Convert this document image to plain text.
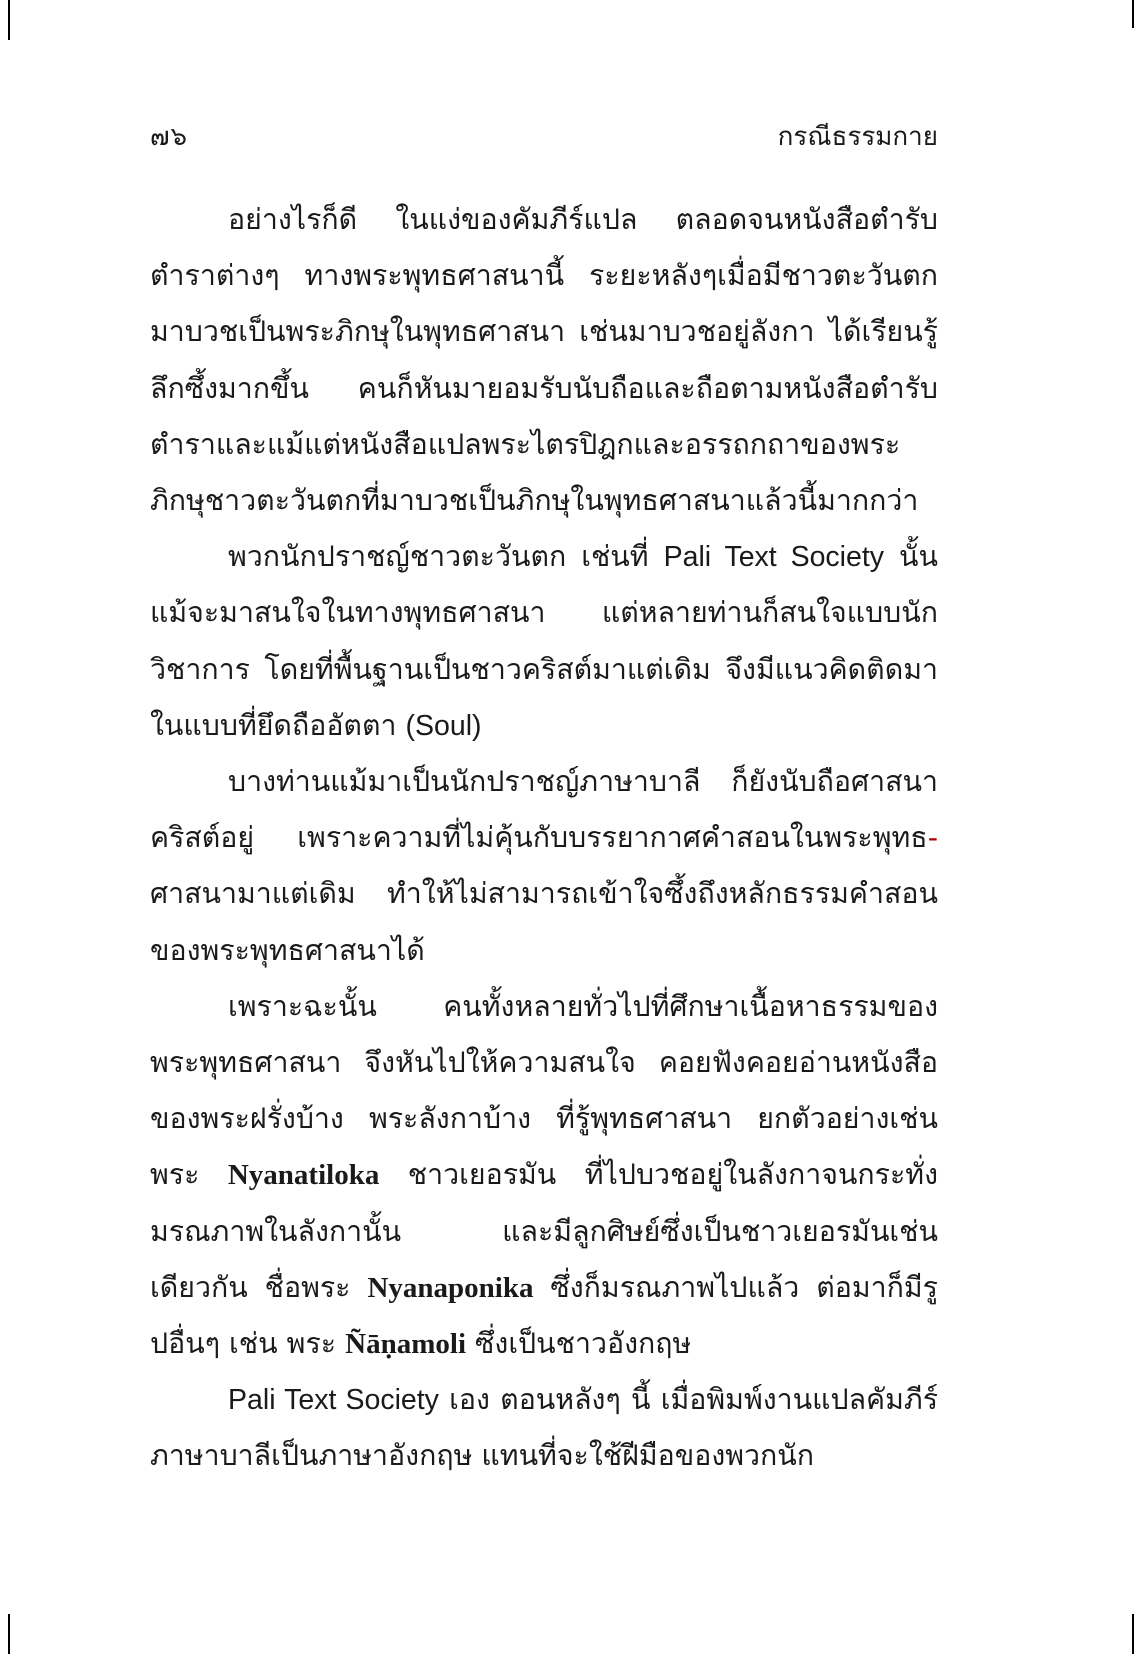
๗๖	กรณีธรรมกาย

อย่างไรก็ดี ในแง่ของคัมภีร์แปล ตลอดจนหนังสือตำรับตำราต่างๆ ทางพระพุทธศาสนานี้ ระยะหลังๆเมื่อมีชาวตะวันตกมาบวชเป็นพระภิกษุในพุทธศาสนา เช่นมาบวชอยู่ลังกา ได้เรียนรู้ลึกซึ้งมากขึ้น คนก็หันมายอมรับนับถือและถือตามหนังสือตำรับตำราและแม้แต่หนังสือแปลพระไตรปิฎกและอรรถกถาของพระภิกษุชาวตะวันตกที่มาบวชเป็นภิกษุในพุทธศาสนาแล้วนี้มากกว่า

พวกนักปราชญ์ชาวตะวันตก เช่นที่ Pali Text Society นั้น แม้จะมาสนใจในทางพุทธศาสนา แต่หลายท่านก็สนใจแบบนักวิชาการ โดยที่พื้นฐานเป็นชาวคริสต์มาแต่เดิม จึงมีแนวคิดติดมาในแบบที่ยึดถืออัตตา (Soul)

บางท่านแม้มาเป็นนักปราชญ์ภาษาบาลี ก็ยังนับถือศาสนาคริสต์อยู่ เพราะความที่ไม่คุ้นกับบรรยากาศคำสอนในพระพุทธ-ศาสนามาแต่เดิม ทำให้ไม่สามารถเข้าใจซึ้งถึงหลักธรรมคำสอนของพระพุทธศาสนาได้

เพราะฉะนั้น คนทั้งหลายทั่วไปที่ศึกษาเนื้อหาธรรมของพระพุทธศาสนา จึงหันไปให้ความสนใจ คอยฟังคอยอ่านหนังสือของพระฝรั่งบ้าง พระลังกาบ้าง ที่รู้พุทธศาสนา ยกตัวอย่างเช่น พระ Nyanatiloka ชาวเยอรมัน ที่ไปบวชอยู่ในลังกาจนกระทั่งมรณภาพในลังกานั้น และมีลูกศิษย์ซึ่งเป็นชาวเยอรมันเช่นเดียวกัน ชื่อพระ Nyanaponika ซึ่งก็มรณภาพไปแล้ว ต่อมาก็มีรูปอื่นๆ เช่น พระ Ñāṇamoli ซึ่งเป็นชาวอังกฤษ

Pali Text Society เอง ตอนหลังๆ นี้ เมื่อพิมพ์งานแปลคัมภีร์ภาษาบาลีเป็นภาษาอังกฤษ แทนที่จะใช้ฝีมือของพวกนัก
